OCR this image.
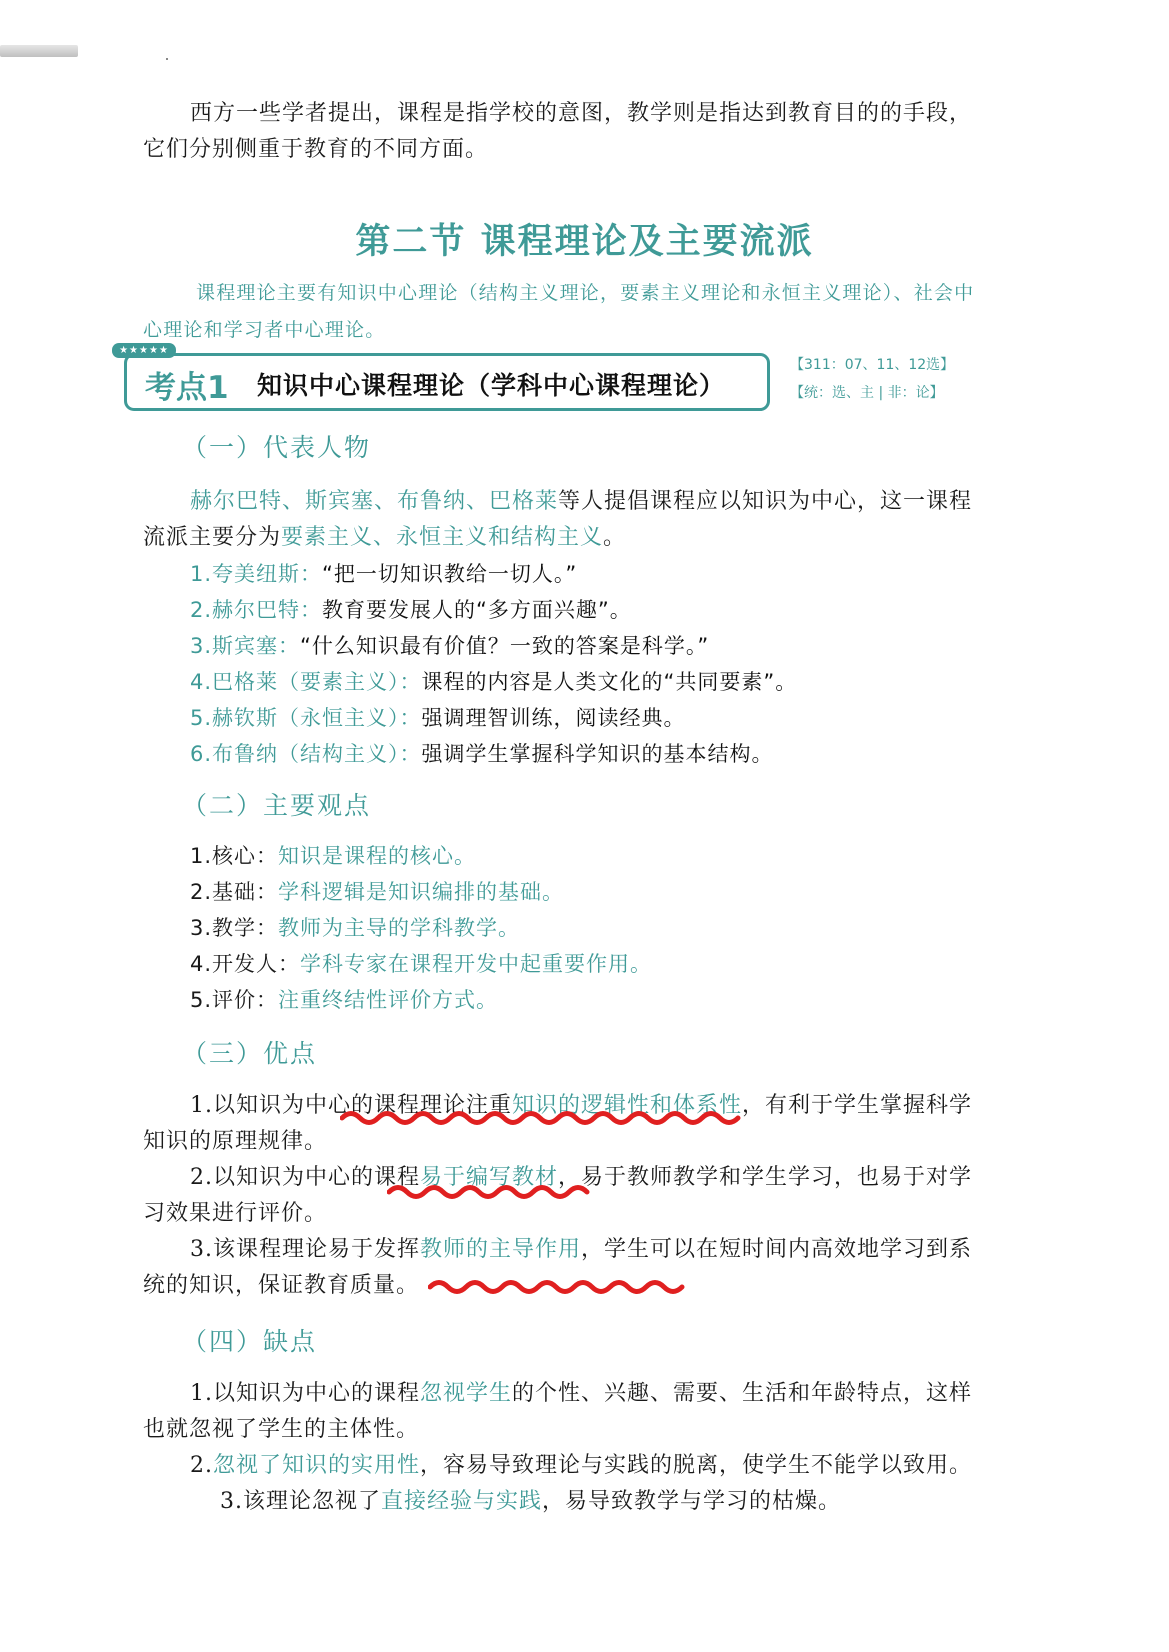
西方一些学者提出，课程是指学校的意图，教学则是指达到教育目的的手段，
它们分别侧重于教育的不同方面。
第二节 课程理论及主要流派
课程理论主要有知识中心理论（结构主义理论，要素主义理论和永恒主义理论）、社会中
心理论和学习者中心理论。
考点1 知识中心课程理论（学科中心课程理论）
★★★★★
【311：07、11、12选】
【统：选、主 | 非：论】
（一）代表人物
赫尔巴特、斯宾塞、布鲁纳、巴格莱等人提倡课程应以知识为中心，这一课程
流派主要分为要素主义、永恒主义和结构主义。
1.夸美纽斯：“把一切知识教给一切人。”
2.赫尔巴特：教育要发展人的“多方面兴趣”。
3.斯宾塞：“什么知识最有价值？一致的答案是科学。”
4.巴格莱（要素主义）：课程的内容是人类文化的“共同要素”。
5.赫钦斯（永恒主义）：强调理智训练，阅读经典。
6.布鲁纳（结构主义）：强调学生掌握科学知识的基本结构。
（二）主要观点
1.核心：知识是课程的核心。
2.基础：学科逻辑是知识编排的基础。
3.教学：教师为主导的学科教学。
4.开发人：学科专家在课程开发中起重要作用。
5.评价：注重终结性评价方式。
（三）优点
1.以知识为中心的课程理论注重知识的逻辑性和体系性，有利于学生掌握科学
知识的原理规律。
2.以知识为中心的课程易于编写教材，易于教师教学和学生学习，也易于对学
习效果进行评价。
3.该课程理论易于发挥教师的主导作用，学生可以在短时间内高效地学习到系
统的知识，保证教育质量。
（四）缺点
1.以知识为中心的课程忽视学生的个性、兴趣、需要、生活和年龄特点，这样
也就忽视了学生的主体性。
2.忽视了知识的实用性，容易导致理论与实践的脱离，使学生不能学以致用。
3.该理论忽视了直接经验与实践，易导致教学与学习的枯燥。
